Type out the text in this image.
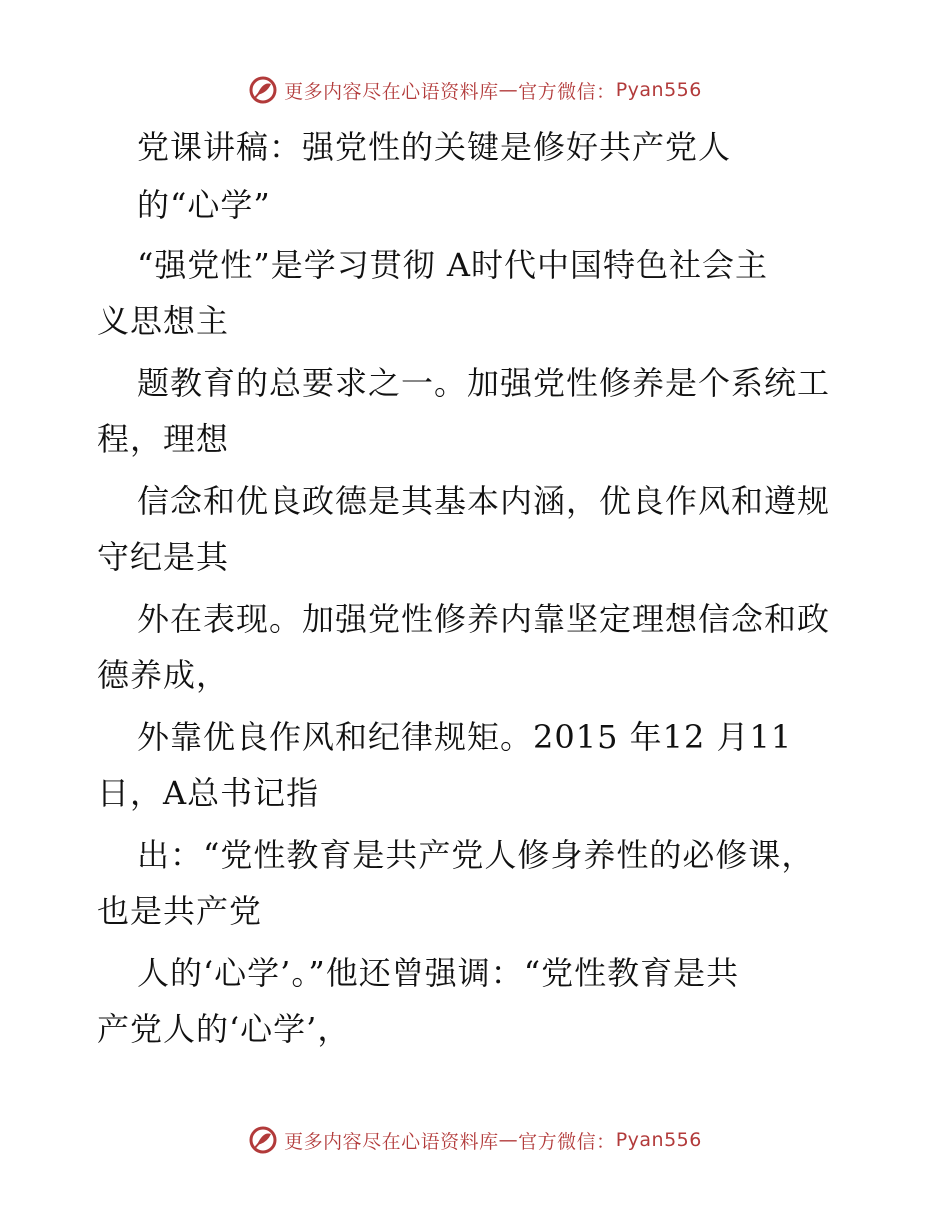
更多内容尽在心语资料库 — 官方微信： Pyan556
党课讲稿：强党性的关键是修好共产党人
的“心学”
“强党性”是学习贯彻 A时代中国特色社会主
义思想主
题教育的总要求之一。加强党性修养是个系统工
程，理想
信念和优良政德是其基本内涵，优良作风和遵规
守纪是其
外在表现。加强党性修养内靠坚定理想信念和政
德养成，
外靠优良作风和纪律规矩。2015 年12 月11
日，A总书记指
出：“党性教育是共产党人修身养性的必修课，
也是共产党
人的‘心学’。”他还曾强调：“党性教育是共
产党人的‘心学’，
更多内容尽在心语资料库 — 官方微信： Pyan556
